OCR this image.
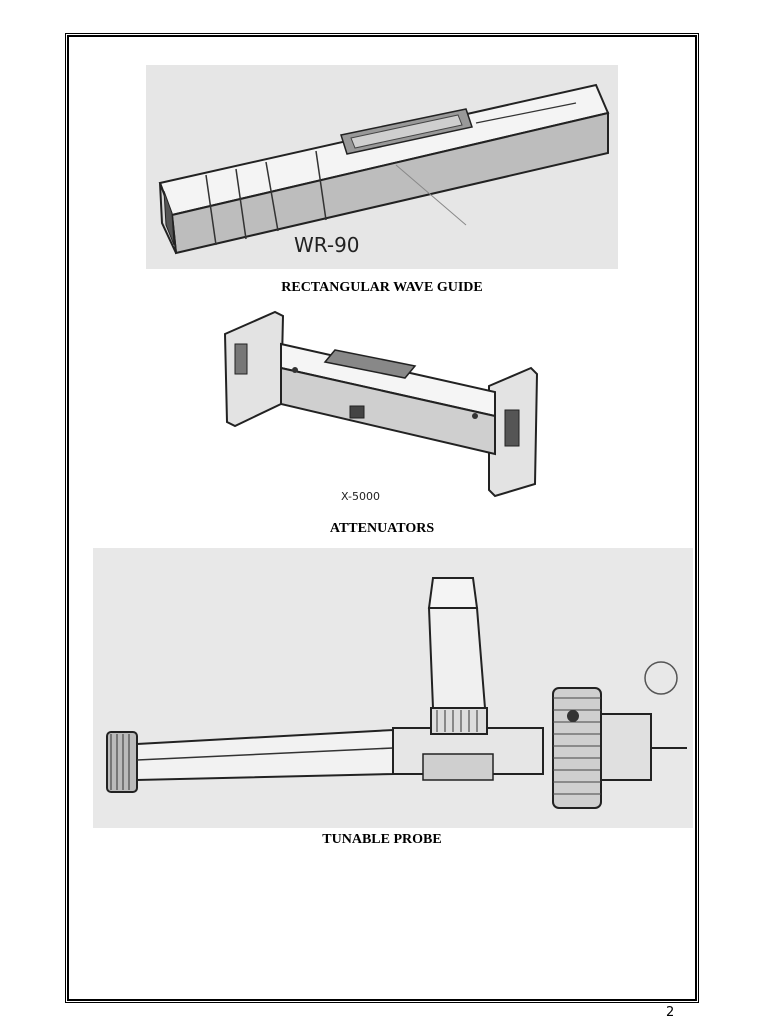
WR-90
RECTANGULAR WAVE GUIDE
X-5000
ATTENUATORS
TUNABLE PROBE
2
